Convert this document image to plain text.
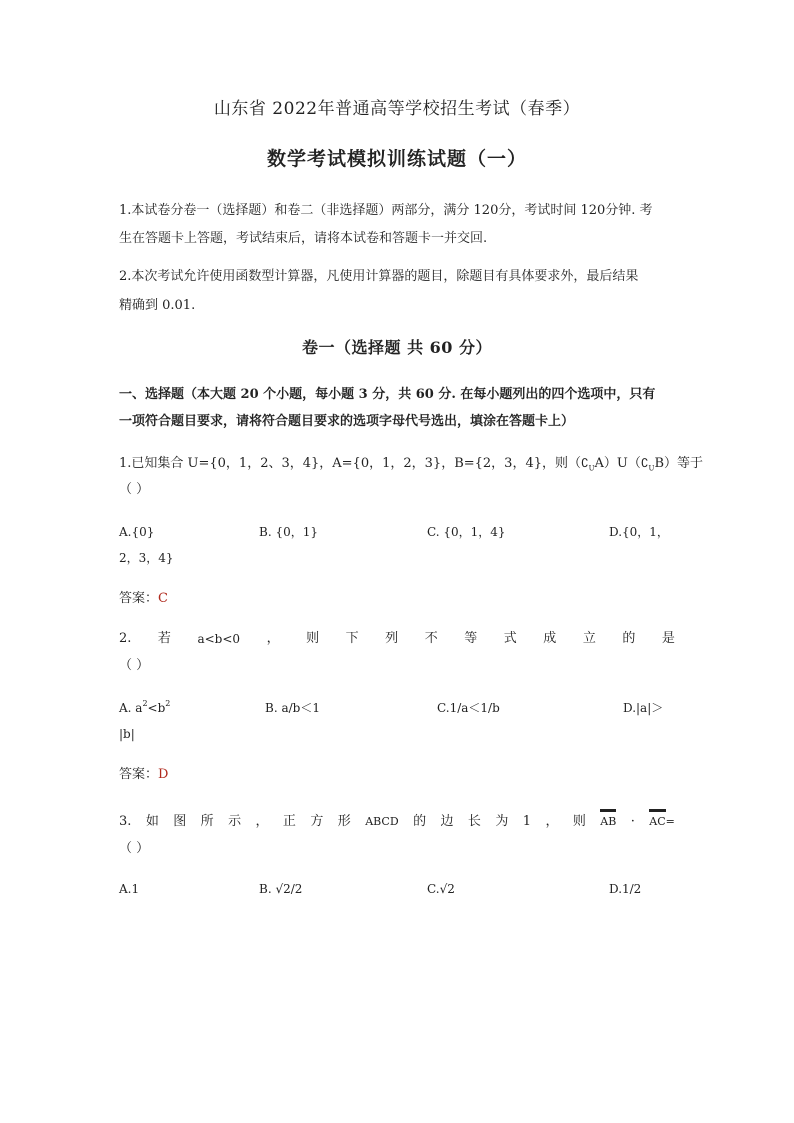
山东省 2022年普通高等学校招生考试（春季）
数学考试模拟训练试题（一）
1.本试卷分卷一（选择题）和卷二（非选择题）两部分，满分 120分，考试时间 120分钟. 考
生在答题卡上答题，考试结束后，请将本试卷和答题卡一并交回.
2.本次考试允许使用函数型计算器，凡使用计算器的题目，除题目有具体要求外，最后结果
精确到 0.01.
卷一（选择题 共 60 分）
一、选择题（本大题 20 个小题，每小题 3 分，共 60 分. 在每小题列出的四个选项中，只有
一项符合题目要求，请将符合题目要求的选项字母代号选出，填涂在答题卡上）
1.已知集合 U={0，1，2、3，4}，A={0，1，2，3}，B={2，3，4}，则$(∁_UA)U(∁_UB)$等于
（ ）
A.{0}	B. {0，1}	C. {0，1，4}	D.{0，1，
2，3，4}
答案：C
2. 若 a<b<0 ， 则 下 列 不 等 式 成 立 的 是
（ ）
A. $a^2<b^2$	B. a/b＜1	C.1/a＜1/b	D.|a|＞
|b|
答案：D
3. 如 图 所 示 ， 正 方 形 ABCD 的 边 长 为 1 ， 则 AB · AC=
（ ）
A.1	B. √2/2	C.√2	D.1/2
